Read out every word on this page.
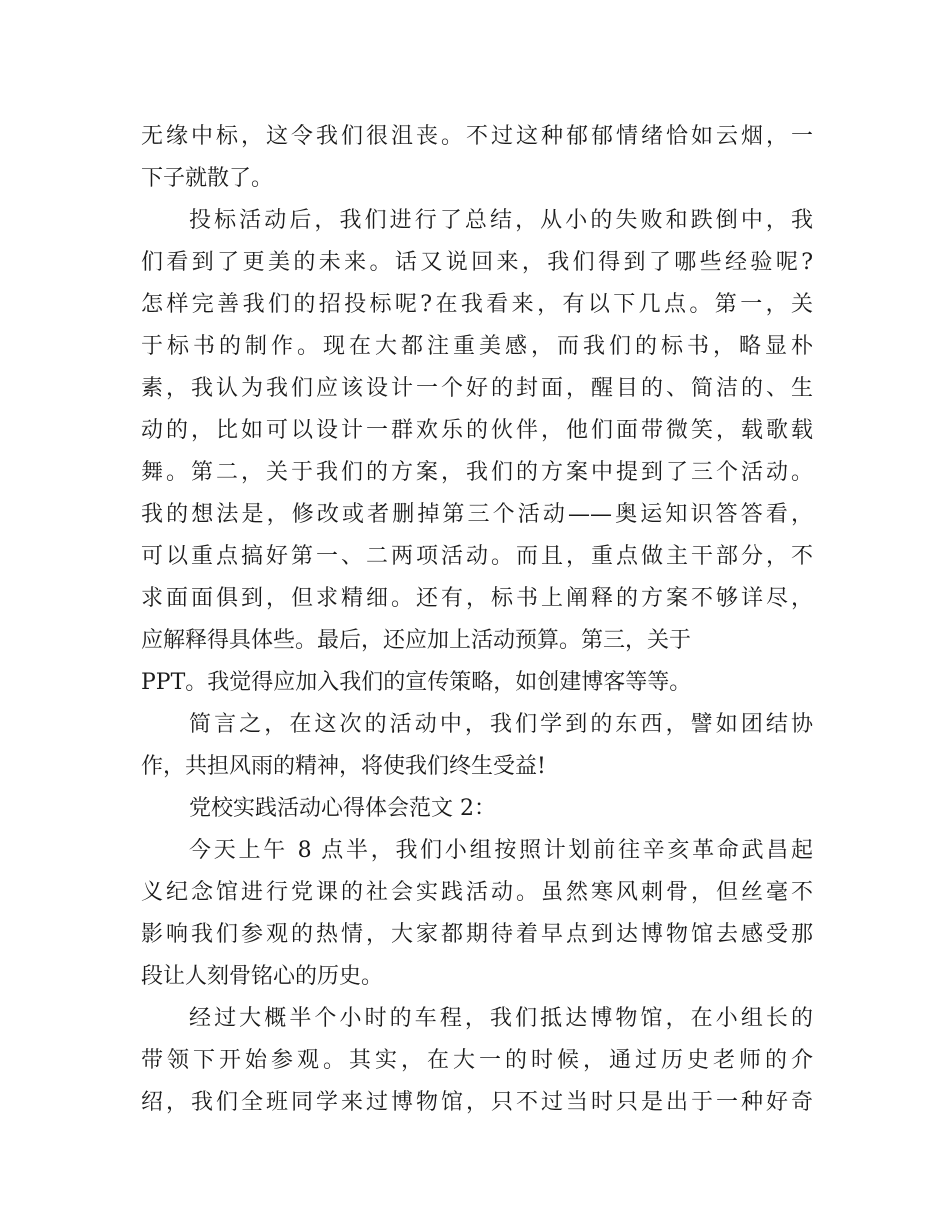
无缘中标，这令我们很沮丧。不过这种郁郁情绪恰如云烟，一
下子就散了。
投标活动后，我们进行了总结，从小的失败和跌倒中，我
们看到了更美的未来。话又说回来，我们得到了哪些经验呢?
怎样完善我们的招投标呢?在我看来，有以下几点。第一，关
于标书的制作。现在大都注重美感，而我们的标书，略显朴
素，我认为我们应该设计一个好的封面，醒目的、简洁的、生
动的，比如可以设计一群欢乐的伙伴，他们面带微笑，载歌载
舞。第二，关于我们的方案，我们的方案中提到了三个活动。
我的想法是，修改或者删掉第三个活动——奥运知识答答看，
可以重点搞好第一、二两项活动。而且，重点做主干部分，不
求面面俱到，但求精细。还有，标书上阐释的方案不够详尽，
应解释得具体些。最后，还应加上活动预算。第三，关于
PPT。我觉得应加入我们的宣传策略，如创建博客等等。
简言之，在这次的活动中，我们学到的东西，譬如团结协
作，共担风雨的精神，将使我们终生受益!
党校实践活动心得体会范文 2：
今天上午 8 点半，我们小组按照计划前往辛亥革命武昌起
义纪念馆进行党课的社会实践活动。虽然寒风刺骨，但丝毫不
影响我们参观的热情，大家都期待着早点到达博物馆去感受那
段让人刻骨铭心的历史。
经过大概半个小时的车程，我们抵达博物馆，在小组长的
带领下开始参观。其实，在大一的时候，通过历史老师的介
绍，我们全班同学来过博物馆，只不过当时只是出于一种好奇
